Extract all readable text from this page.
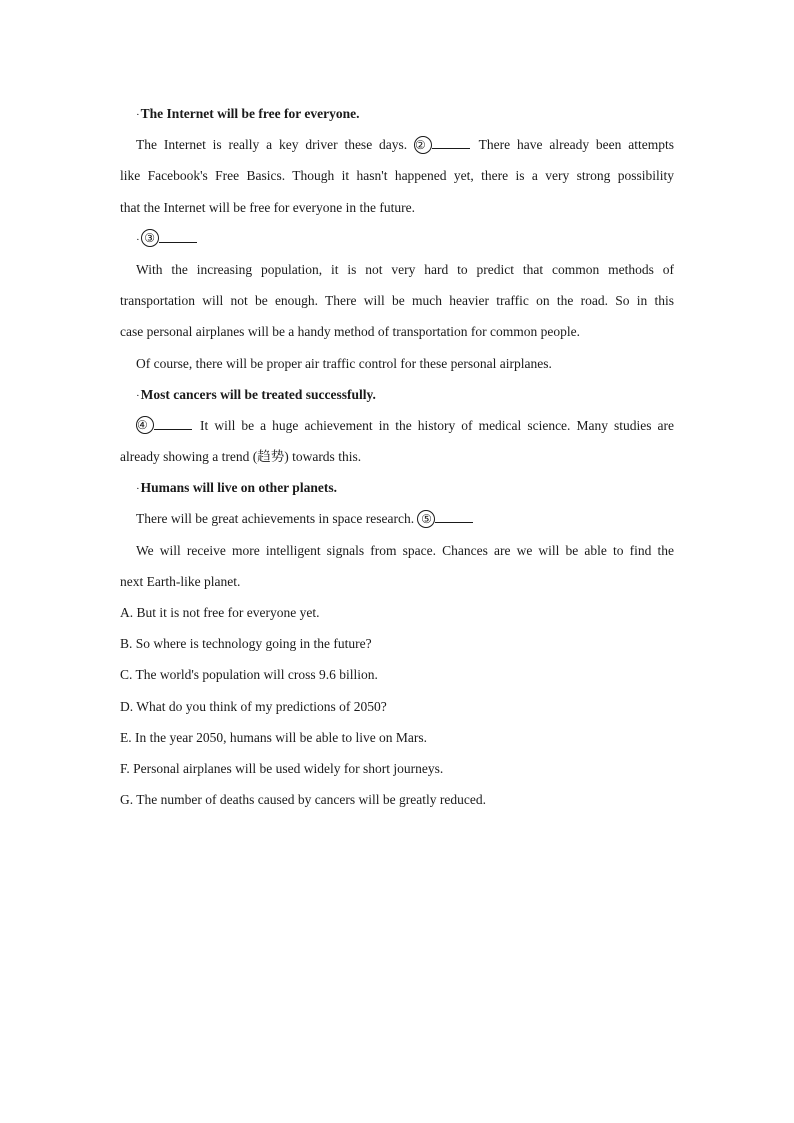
·The Internet will be free for everyone.
The Internet is really a key driver these days. ②	There have already been attempts
like Facebook's Free Basics. Though it hasn't happened yet, there is a very strong possibility
that the Internet will be free for everyone in the future.
· ③
With the increasing population, it is not very hard to predict that common methods of
transportation will not be enough. There will be much heavier traffic on the road. So in this
case personal airplanes will be a handy method of transportation for common people.
Of course, there will be proper air traffic control for these personal airplanes.
·Most cancers will be treated successfully.
④	It will be a huge achievement in the history of medical science. Many studies are
already showing a trend (趋势) towards this.
·Humans will live on other planets.
There will be great achievements in space research. ⑤
We will receive more intelligent signals from space. Chances are we will be able to find the
next Earth-like planet.
A. But it is not free for everyone yet.
B. So where is technology going in the future?
C. The world's population will cross 9.6 billion.
D. What do you think of my predictions of 2050?
E. In the year 2050, humans will be able to live on Mars.
F. Personal airplanes will be used widely for short journeys.
G. The number of deaths caused by cancers will be greatly reduced.
